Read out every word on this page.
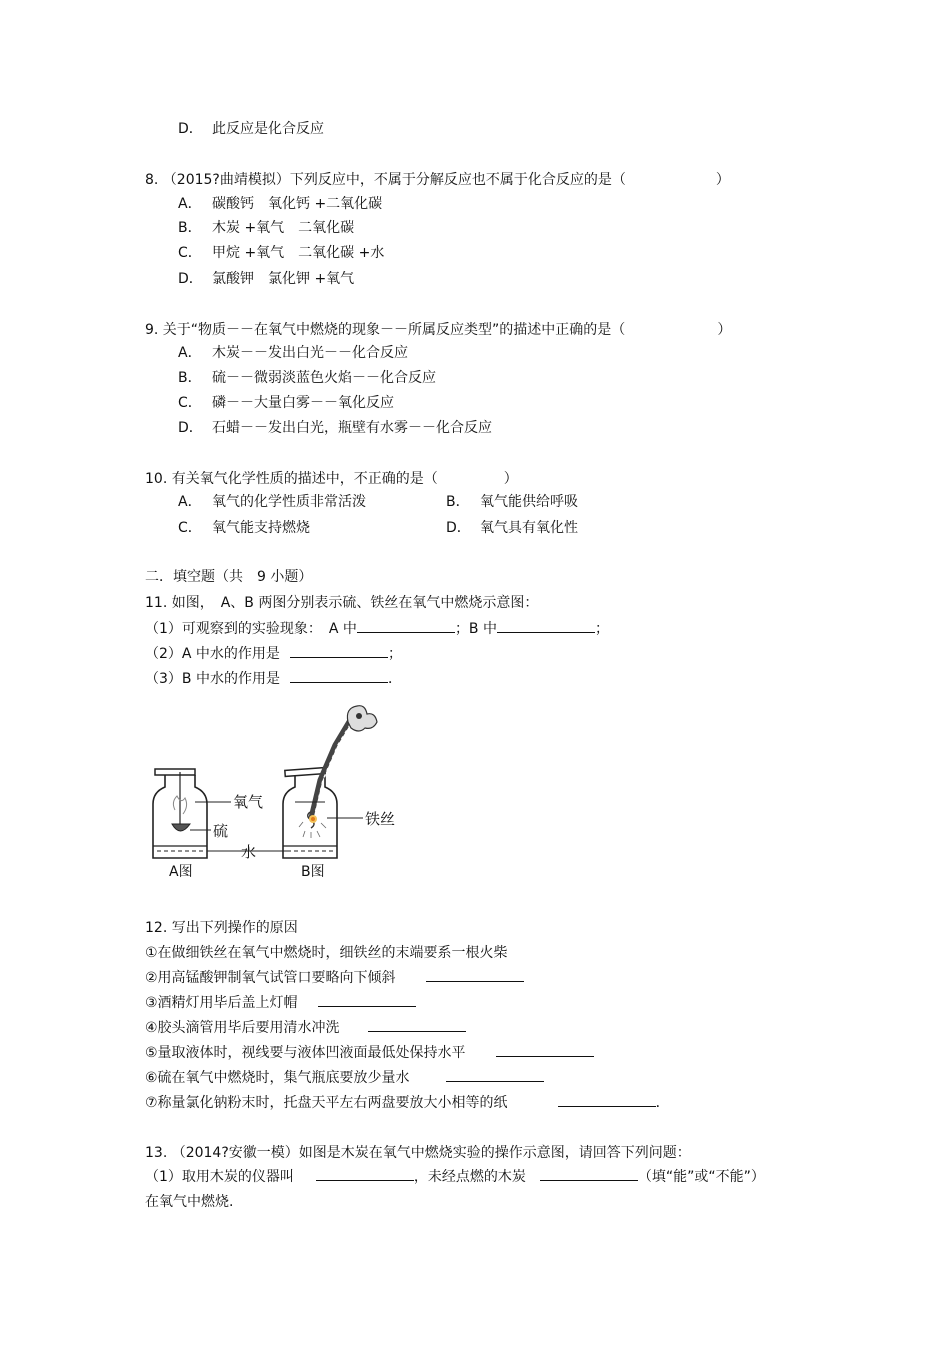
D． 此反应是化合反应
8. （2015?曲靖模拟）下列反应中，不属于分解反应也不属于化合反应的是（	）
A． 碳酸钙　氧化钙 +二氧化碳
B． 木炭 +氧气　二氧化碳
C． 甲烷 +氧气　二氧化碳 +水
D． 氯酸钾　氯化钾 +氧气
9. 关于“物质－－在氧气中燃烧的现象－－所属反应类型”的描述中正确的是（	）
A． 木炭－－发出白光－－化合反应
B． 硫－－微弱淡蓝色火焰－－化合反应
C． 磷－－大量白雾－－氧化反应
D． 石蜡－－发出白光，瓶壁有水雾－－化合反应
10. 有关氧气化学性质的描述中，不正确的是（	）
A． 氧气的化学性质非常活泼	B． 氧气能供给呼吸
C． 氧气能支持燃烧	D． 氧气具有氧化性
二．填空题（共　9 小题）
11. 如图，　A、B 两图分别表示硫、铁丝在氧气中燃烧示意图：
（1）可观察到的实验现象：　A 中	；B 中	；
（2）A 中水的作用是	；
（3）B 中水的作用是	．
氧气
硫
水
A图
铁丝
B图
12. 写出下列操作的原因
①在做细铁丝在氧气中燃烧时，细铁丝的末端要系一根火柴
②用高锰酸钾制氧气试管口要略向下倾斜
③酒精灯用毕后盖上灯帽
④胶头滴管用毕后要用清水冲洗
⑤量取液体时，视线要与液体凹液面最低处保持水平
⑥硫在氧气中燃烧时，集气瓶底要放少量水
⑦称量氯化钠粉末时，托盘天平左右两盘要放大小相等的纸	．
13. （2014?安徽一模）如图是木炭在氧气中燃烧实验的操作示意图，请回答下列问题：
（1）取用木炭的仪器叫	，未经点燃的木炭	（填“能”或“不能”）
在氧气中燃烧.
